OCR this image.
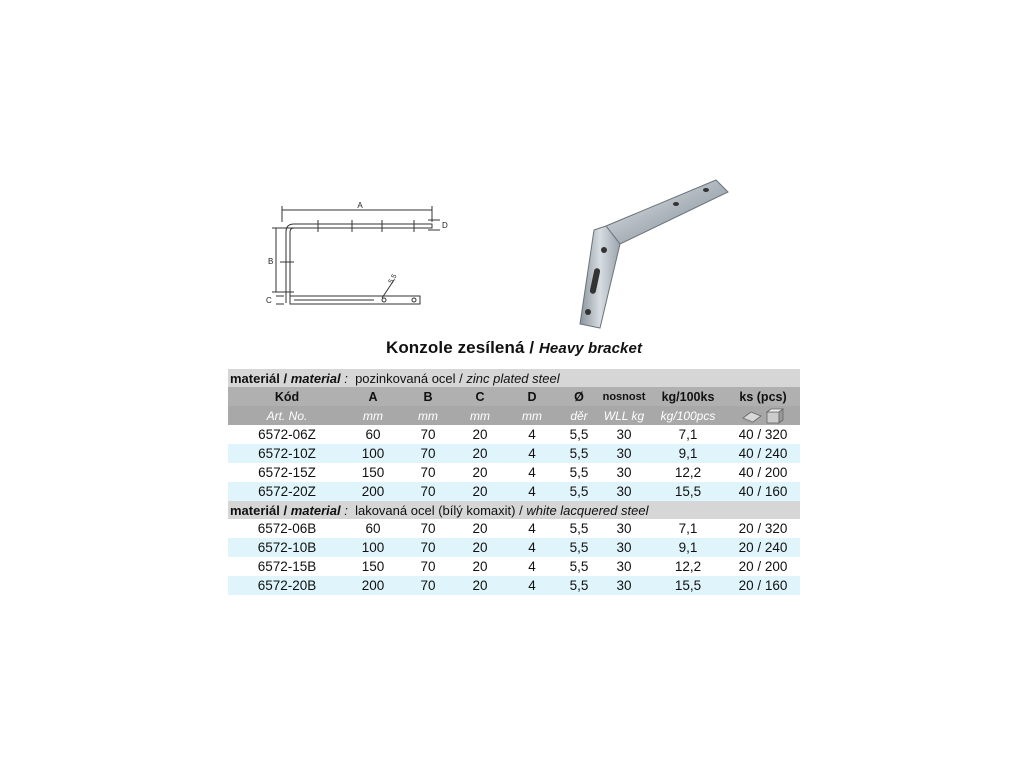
A
B
C
D
5,5
Konzole zesílená / Heavy bracket
materiál / material : pozinkovaná ocel / zinc plated steel								
Kód	A	B	C	D	Ø	nosnost	kg/100ks	ks (pcs)
Art. No.	mm	mm	mm	mm	děr	WLL kg	kg/100pcs	
6572-06Z	60	70	20	4	5,5	30	7,1	40 / 320
6572-10Z	100	70	20	4	5,5	30	9,1	40 / 240
6572-15Z	150	70	20	4	5,5	30	12,2	40 / 200
6572-20Z	200	70	20	4	5,5	30	15,5	40 / 160
materiál / material : lakovaná ocel (bílý komaxit) / white lacquered steel								
6572-06B	60	70	20	4	5,5	30	7,1	20 / 320
6572-10B	100	70	20	4	5,5	30	9,1	20 / 240
6572-15B	150	70	20	4	5,5	30	12,2	20 / 200
6572-20B	200	70	20	4	5,5	30	15,5	20 / 160
